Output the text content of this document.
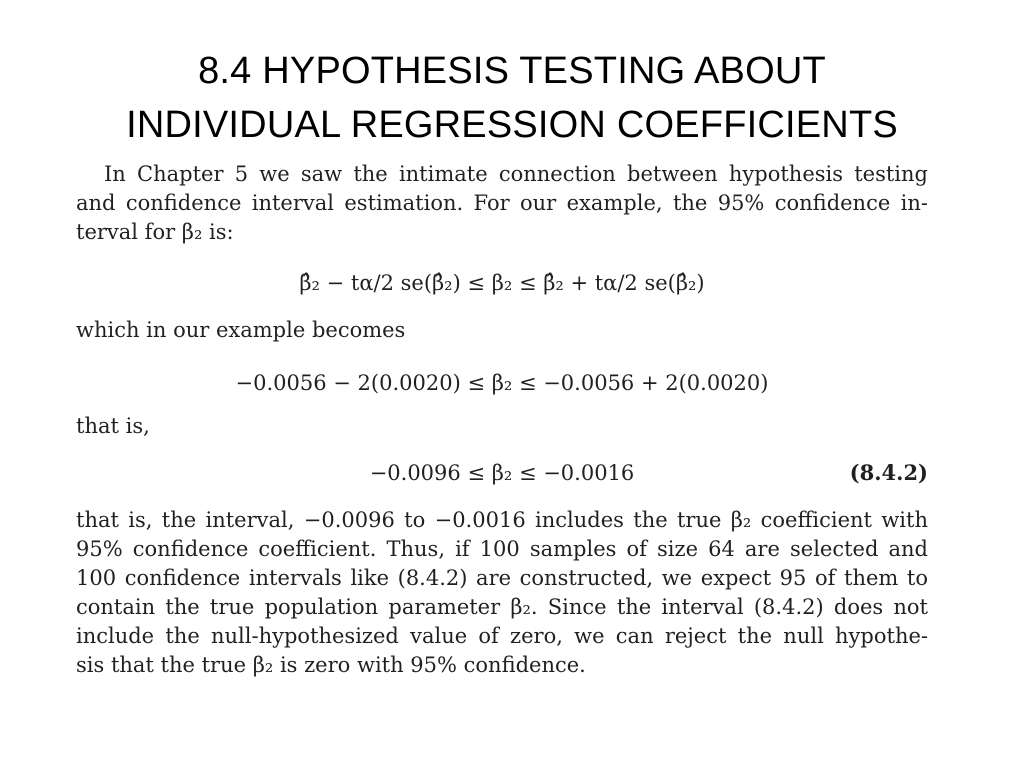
8.4 HYPOTHESIS TESTING ABOUT
INDIVIDUAL REGRESSION COEFFICIENTS
In Chapter 5 we saw the intimate connection between hypothesis testing
and confidence interval estimation. For our example, the 95% confidence in-
terval for β₂ is:
β̂₂ − tα/2 se(β̂₂) ≤ β₂ ≤ β̂₂ + tα/2 se(β̂₂)
which in our example becomes
−0.0056 − 2(0.0020) ≤ β₂ ≤ −0.0056 + 2(0.0020)
that is,
−0.0096 ≤ β₂ ≤ −0.0016	(8.4.2)
that is, the interval, −0.0096 to −0.0016 includes the true β₂ coefficient with
95% confidence coefficient. Thus, if 100 samples of size 64 are selected and
100 confidence intervals like (8.4.2) are constructed, we expect 95 of them to
contain the true population parameter β₂. Since the interval (8.4.2) does not
include the null-hypothesized value of zero, we can reject the null hypothe-
sis that the true β₂ is zero with 95% confidence.
